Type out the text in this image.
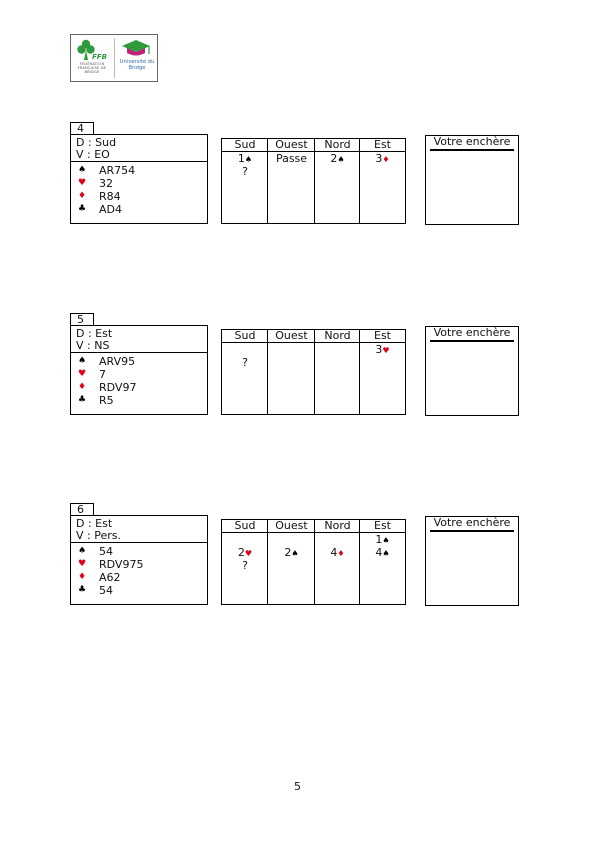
FFB
FÉDÉRATION FRANÇAISE DE BRIDGE
Université du Bridge
4
D : Sud
V : EO
♠ AR754
♥ 32
♦ R84
♣ AD4
Sud
1♠
?
Ouest
Passe
Nord
2♠
Est
3♦
Votre enchère
5
D : Est
V : NS
♠ ARV95
♥ 7
♦ RDV97
♣ R5
Sud
?
Ouest	Nord	Est
3♥
Votre enchère
6
D : Est
V : Pers.
♠ 54
♥ RDV975
♦ A62
♣ 54
Sud
2♥
?
Ouest
2♠
Nord
4♦
Est
1♠
4♠
Votre enchère
5
